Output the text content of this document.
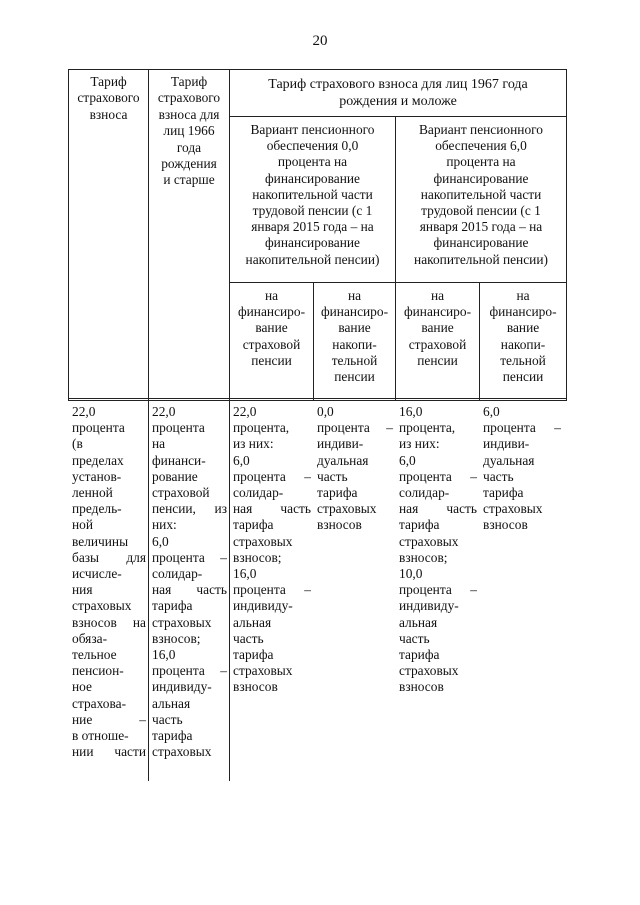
20
Тариф
страхового
взноса
Тариф
страхового
взноса для
лиц 1966
года
рождения
и старше
Тариф страхового взноса для лиц 1967 года
рождения и моложе
Вариант пенсионного
обеспечения 0,0
процента на
финансирование
накопительной части
трудовой пенсии (с 1
января 2015 года – на
финансирование
накопительной пенсии)
Вариант пенсионного
обеспечения 6,0
процента на
финансирование
накопительной части
трудовой пенсии (с 1
января 2015 года – на
финансирование
накопительной пенсии)
на
финансиро-
вание
страховой
пенсии
на
финансиро-
вание
накопи-
тельной
пенсии
на
финансиро-
вание
страховой
пенсии
на
финансиро-
вание
накопи-
тельной
пенсии
22,0
процента
(в
пределах
установ-
ленной
предель-
ной
величины
базы для
исчисле-
ния
страховых
взносов на
обяза-
тельное
пенсион-
ное
страхова-
ние –
в отноше-
нии части
22,0
процента
на
финанси-
рование
страховой
пенсии, из
них:
6,0
процента –
солидар-
ная часть
тарифа
страховых
взносов;
16,0
процента –
индивиду-
альная
часть
тарифа
страховых
22,0
процента,
из них:
6,0
процента –
солидар-
ная часть
тарифа
страховых
взносов;
16,0
процента –
индивиду-
альная
часть
тарифа
страховых
взносов
0,0
процента –
индиви-
дуальная
часть
тарифа
страховых
взносов
16,0
процента,
из них:
6,0
процента –
солидар-
ная часть
тарифа
страховых
взносов;
10,0
процента –
индивиду-
альная
часть
тарифа
страховых
взносов
6,0
процента –
индиви-
дуальная
часть
тарифа
страховых
взносов
